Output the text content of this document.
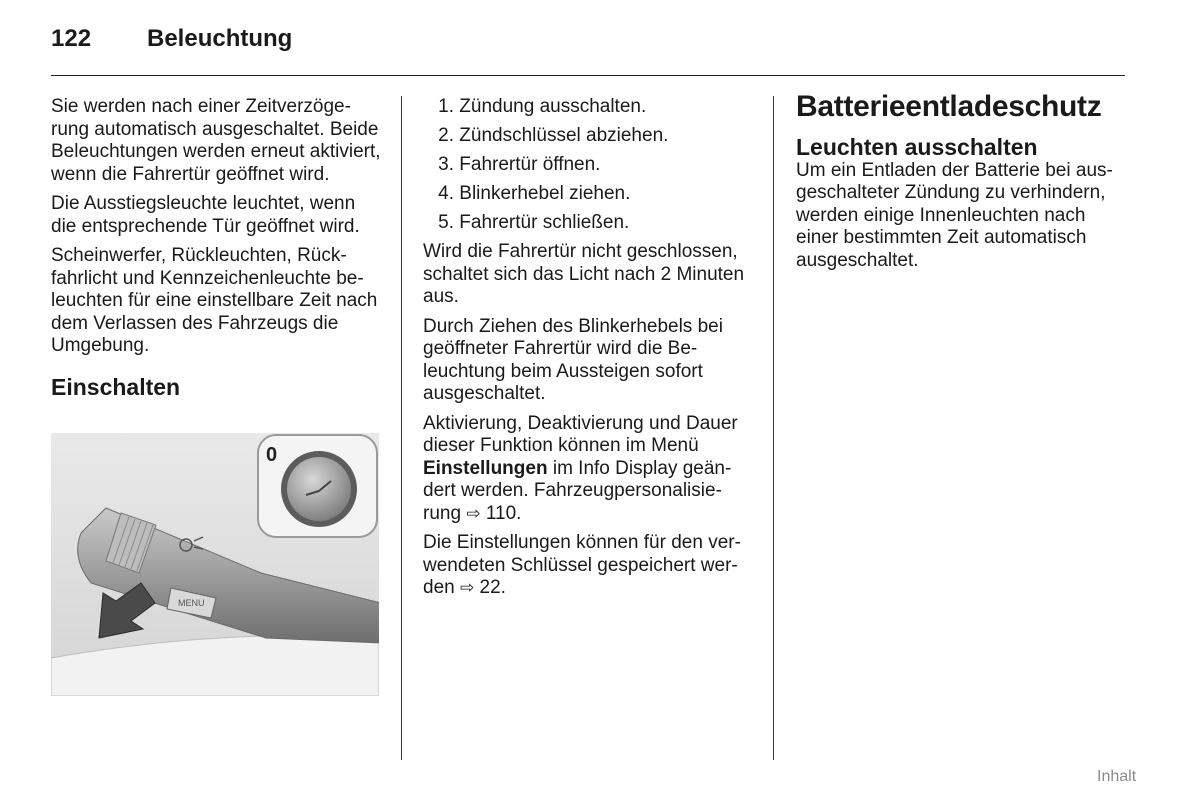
122 Beleuchtung

Sie werden nach einer Zeitverzögerung automatisch ausgeschaltet. Beide Beleuchtungen werden erneut aktiviert, wenn die Fahrertür geöffnet wird.

Die Ausstiegsleuchte leuchtet, wenn die entsprechende Tür geöffnet wird.

Scheinwerfer, Rückleuchten, Rückfahrlicht und Kennzeichenleuchte beleuchten für eine einstellbare Zeit nach dem Verlassen des Fahrzeugs die Umgebung.

Einschalten
MENU
0
1. Zündung ausschalten.
2. Zündschlüssel abziehen.
3. Fahrertür öffnen.
4. Blinkerhebel ziehen.
5. Fahrertür schließen.

Wird die Fahrertür nicht geschlossen, schaltet sich das Licht nach 2 Minuten aus.

Durch Ziehen des Blinkerhebels bei geöffneter Fahrertür wird die Beleuchtung beim Aussteigen sofort ausgeschaltet.

Aktivierung, Deaktivierung und Dauer dieser Funktion können im Menü Einstellungen im Info Display geändert werden. Fahrzeugpersonalisierung ⇨ 110.

Die Einstellungen können für den verwendeten Schlüssel gespeichert werden ⇨ 22.

Batterieentladeschutz
Leuchten ausschalten

Um ein Entladen der Batterie bei ausgeschalteter Zündung zu verhindern, werden einige Innenleuchten nach einer bestimmten Zeit automatisch ausgeschaltet.

Inhalt
